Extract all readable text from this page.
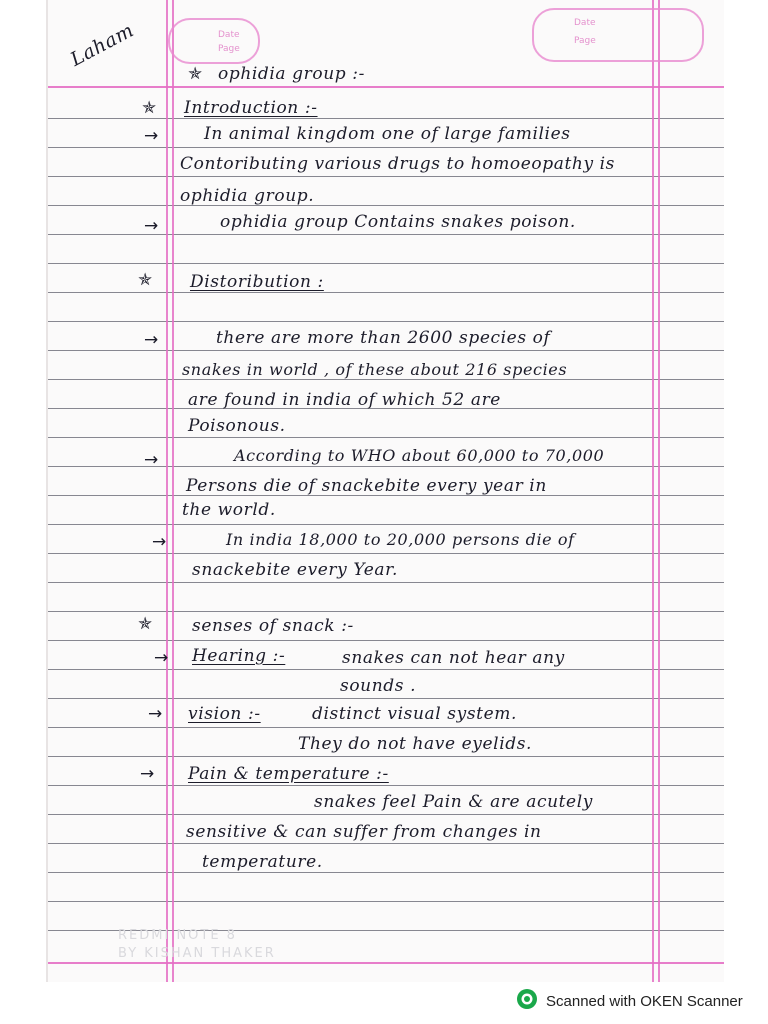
Date
Page
Date
Page
Laham
✯ ophidia group :-
✯ Introduction :-
→	In animal kingdom one of large families
Contoributing various drugs to homoeopathy is
ophidia group.
→	ophidia group Contains snakes poison.
✯ Distoribution :
→	there are more than 2600 species of
snakes in world , of these about 216 species
are found in india of which 52 are
Poisonous.
→	According to WHO about 60,000 to 70,000
Persons die of snackebite every year in
the world.
→	In india 18,000 to 20,000 persons die of
snackebite every Year.
✯ senses of snack :-
→ Hearing :-	snakes can not hear any
sounds .
→ vision :-	distinct visual system.
They do not have eyelids.
→ Pain & temperature :-
snakes feel Pain & are acutely
sensitive & can suffer from changes in
temperature.
REDMI NOTE 8
BY KISHAN THAKER
Scanned with OKEN Scanner
